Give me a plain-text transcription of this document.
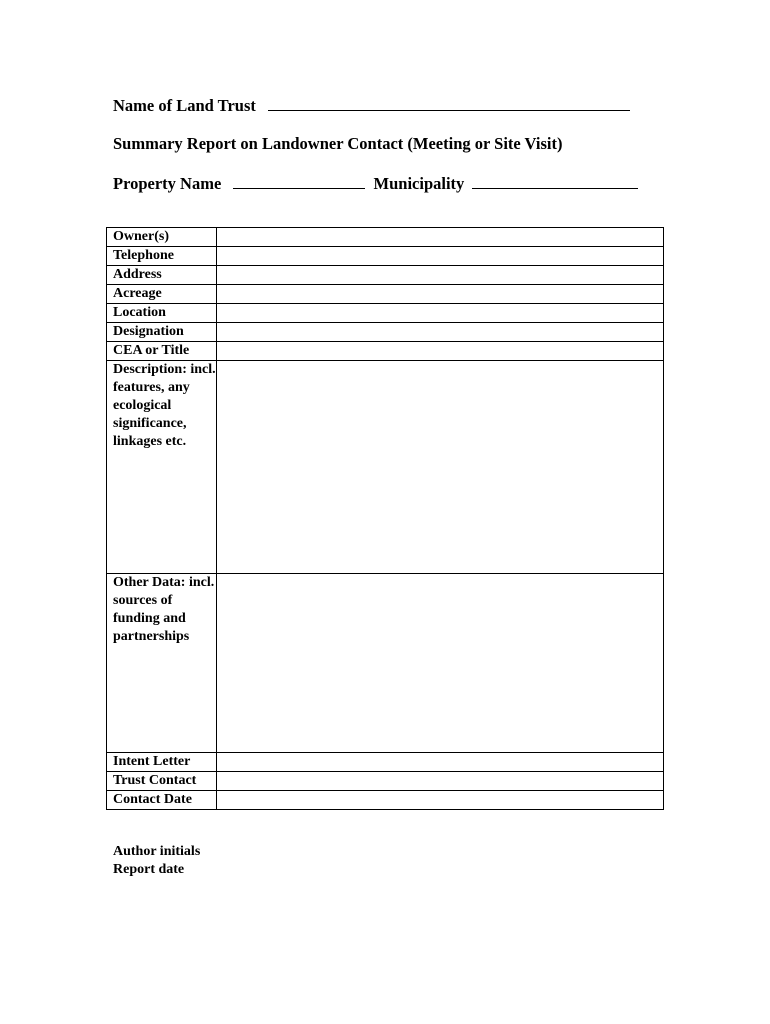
Name of Land Trust
Summary Report on Landowner Contact (Meeting or Site Visit)
Property Name	Municipality
Owner(s)	
Telephone	
Address	
Acreage	
Location	
Designation	
CEA or Title	
Description: incl. features, any ecological significance, linkages etc.	
Other Data: incl. sources of funding and partnerships	
Intent Letter	
Trust Contact	
Contact Date	
Author initials
Report date
